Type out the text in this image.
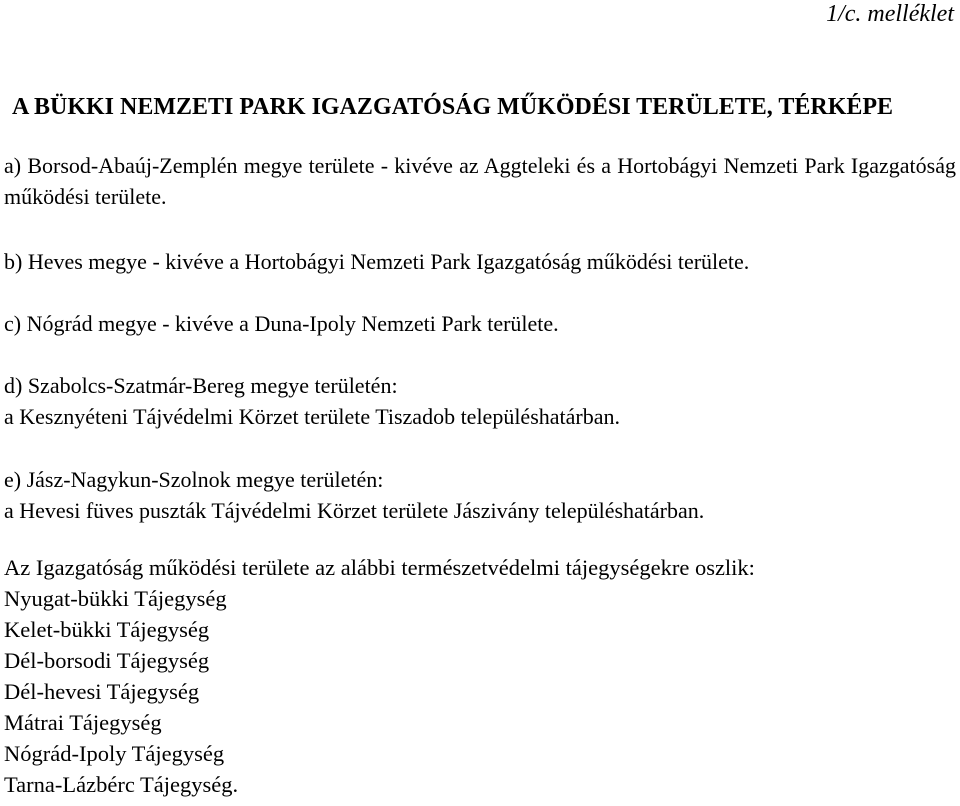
1/c. melléklet
A BÜKKI NEMZETI PARK IGAZGATÓSÁG MŰKÖDÉSI TERÜLETE, TÉRKÉPE
a) Borsod-Abaúj-Zemplén megye területe - kivéve az Aggteleki és a Hortobágyi Nemzeti Park Igazgatóság működési területe.
b) Heves megye - kivéve a Hortobágyi Nemzeti Park Igazgatóság működési területe.
c) Nógrád megye - kivéve a Duna-Ipoly Nemzeti Park területe.
d) Szabolcs-Szatmár-Bereg megye területén:
a Kesznyéteni Tájvédelmi Körzet területe Tiszadob településhatárban.
e) Jász-Nagykun-Szolnok megye területén:
a Hevesi füves puszták Tájvédelmi Körzet területe Jászivány településhatárban.
Az Igazgatóság működési területe az alábbi természetvédelmi tájegységekre oszlik:
Nyugat-bükki Tájegység
Kelet-bükki Tájegység
Dél-borsodi Tájegység
Dél-hevesi Tájegység
Mátrai Tájegység
Nógrád-Ipoly Tájegység
Tarna-Lázbérc Tájegység.
